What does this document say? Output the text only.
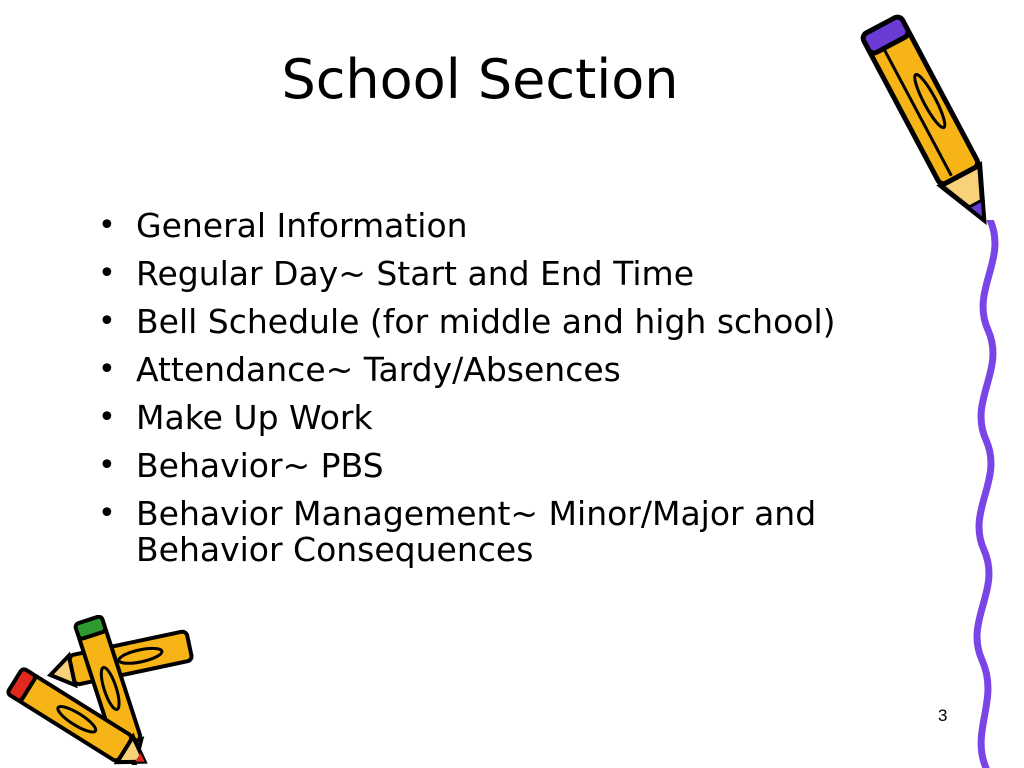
School Section
• General Information
• Regular Day~ Start and End Time
• Bell Schedule (for middle and high school)
• Attendance~ Tardy/Absences
• Make Up Work
• Behavior~ PBS
• Behavior Management~ Minor/Major and Behavior Consequences
3
